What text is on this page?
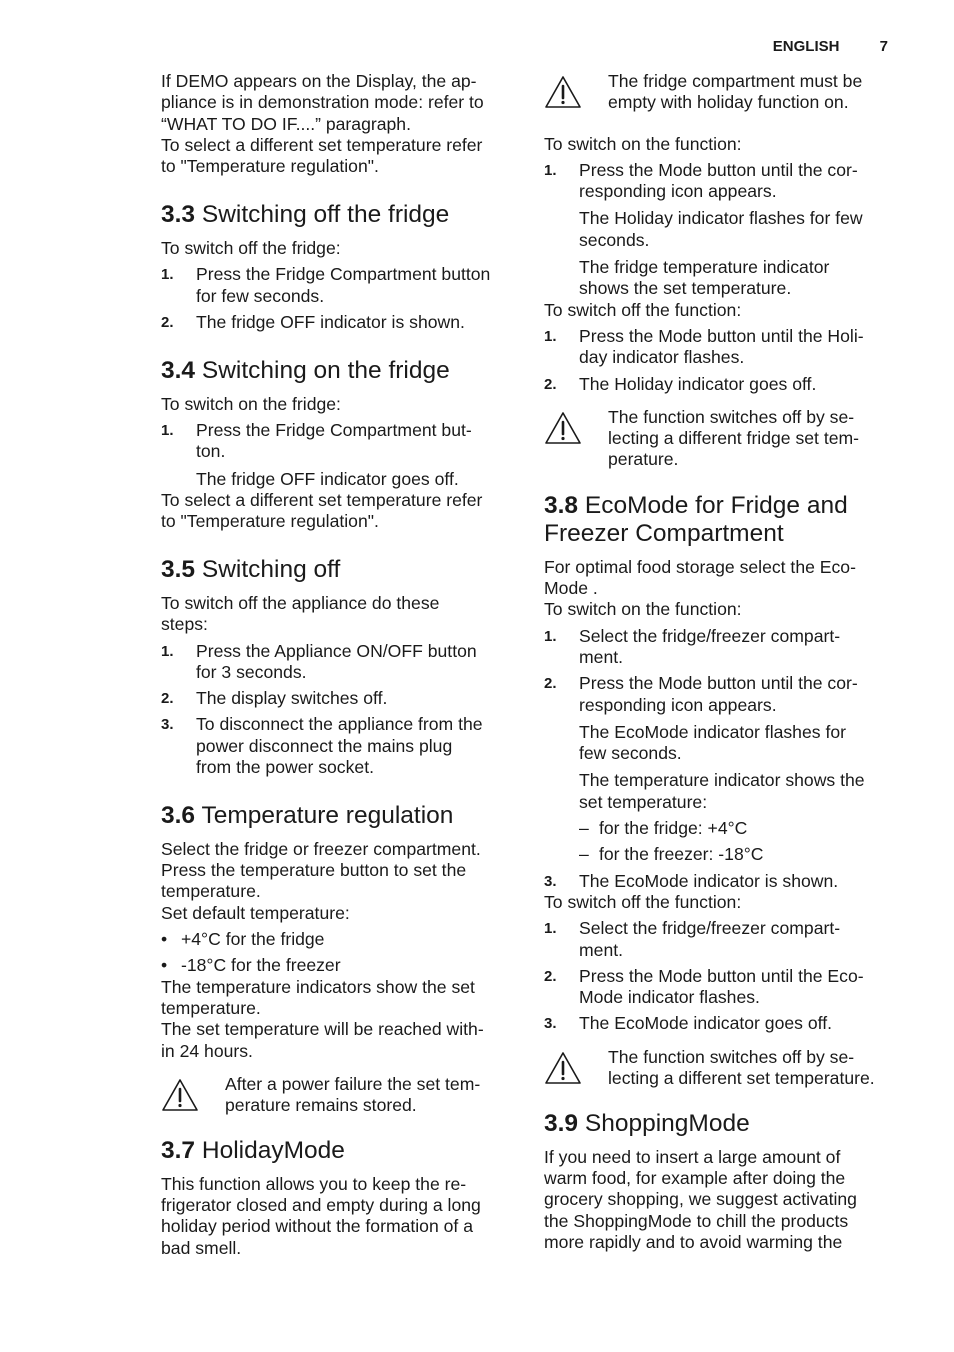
ENGLISH	7

If DEMO appears on the Display, the ap-

pliance is in demonstration mode: refer to

“WHAT TO DO IF....” paragraph.

To select a different set temperature refer

to "Temperature regulation".

3.3 Switching off the fridge

To switch off the fridge:

1.	Press the Fridge Compartment button
for few seconds.
2.	The fridge OFF indicator is shown.
3.4 Switching on the fridge

To switch on the fridge:

1.	Press the Fridge Compartment but-
ton.

The fridge OFF indicator goes off.

To select a different set temperature refer

to "Temperature regulation".

3.5 Switching off

To switch off the appliance do these

steps:

1.	Press the Appliance ON/OFF button
for 3 seconds.
2.	The display switches off.
3.	To disconnect the appliance from the
power disconnect the mains plug
from the power socket.
3.6 Temperature regulation

Select the fridge or freezer compartment.

Press the temperature button to set the

temperature.

Set default temperature:

• +4°C for the fridge
• -18°C for the freezer

The temperature indicators show the set

temperature.

The set temperature will be reached with-

in 24 hours.

After a power failure the set tem-
perature remains stored.
3.7 HolidayMode

This function allows you to keep the re-

frigerator closed and empty during a long

holiday period without the formation of a

bad smell.

The fridge compartment must be
empty with holiday function on.

To switch on the function:

1.	Press the Mode button until the cor-
responding icon appears.

The Holiday indicator flashes for few
seconds.

The fridge temperature indicator
shows the set temperature.

To switch off the function:

1.	Press the Mode button until the Holi-
day indicator flashes.
2.	The Holiday indicator goes off.
The function switches off by se-
lecting a different fridge set tem-
perature.
3.8 EcoMode for Fridge and
Freezer Compartment

For optimal food storage select the Eco-

Mode .

To switch on the function:

1.	Select the fridge/freezer compart-
ment.
2.	Press the Mode button until the cor-
responding icon appears.

The EcoMode indicator flashes for
few seconds.

The temperature indicator shows the
set temperature:

– for the fridge: +4°C
– for the freezer: -18°C
3.	The EcoMode indicator is shown.

To switch off the function:

1.	Select the fridge/freezer compart-
ment.
2.	Press the Mode button until the Eco-
Mode indicator flashes.
3.	The EcoMode indicator goes off.
The function switches off by se-
lecting a different set temperature.
3.9 ShoppingMode

If you need to insert a large amount of

warm food, for example after doing the

grocery shopping, we suggest activating

the ShoppingMode to chill the products

more rapidly and to avoid warming the
